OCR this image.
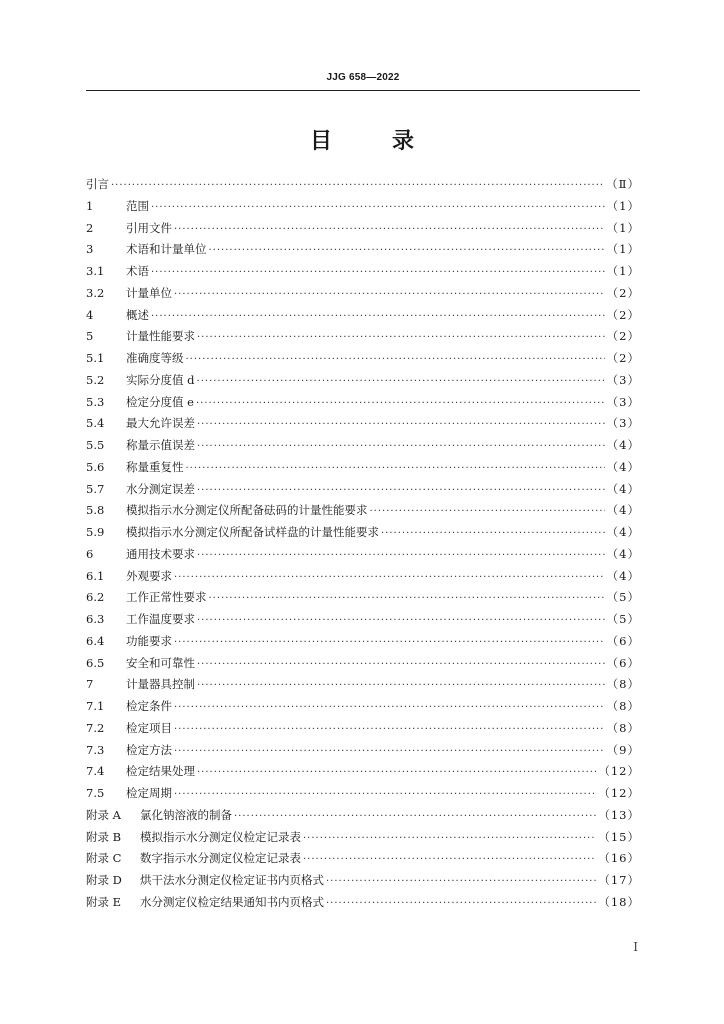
JJG 658—2022
目	录
引言 ·····	（Ⅱ）
1	范围 ·····	（1）
2	引用文件 ·····	（1）
3	术语和计量单位 ·····	（1）
3.1	术语 ·····	（1）
3.2	计量单位 ·····	（2）
4	概述 ·····	（2）
5	计量性能要求 ·····	（2）
5.1	准确度等级 ·····	（2）
5.2	实际分度值 d ·····	（3）
5.3	检定分度值 e ·····	（3）
5.4	最大允许误差 ·····	（3）
5.5	称量示值误差 ·····	（4）
5.6	称量重复性 ·····	（4）
5.7	水分测定误差 ·····	（4）
5.8	模拟指示水分测定仪所配备砝码的计量性能要求 ·····	（4）
5.9	模拟指示水分测定仪所配备试样盘的计量性能要求 ·····	（4）
6	通用技术要求 ·····	（4）
6.1	外观要求 ·····	（4）
6.2	工作正常性要求 ·····	（5）
6.3	工作温度要求 ·····	（5）
6.4	功能要求 ·····	（6）
6.5	安全和可靠性 ·····	（6）
7	计量器具控制 ·····	（8）
7.1	检定条件 ·····	（8）
7.2	检定项目 ·····	（8）
7.3	检定方法 ·····	（9）
7.4	检定结果处理 ·····	（12）
7.5	检定周期 ·····	（12）
附录 A	氯化钠溶液的制备 ·····	（13）
附录 B	模拟指示水分测定仪检定记录表 ·····	（15）
附录 C	数字指示水分测定仪检定记录表 ·····	（16）
附录 D	烘干法水分测定仪检定证书内页格式 ·····	（17）
附录 E	水分测定仪检定结果通知书内页格式 ·····	（18）
I
